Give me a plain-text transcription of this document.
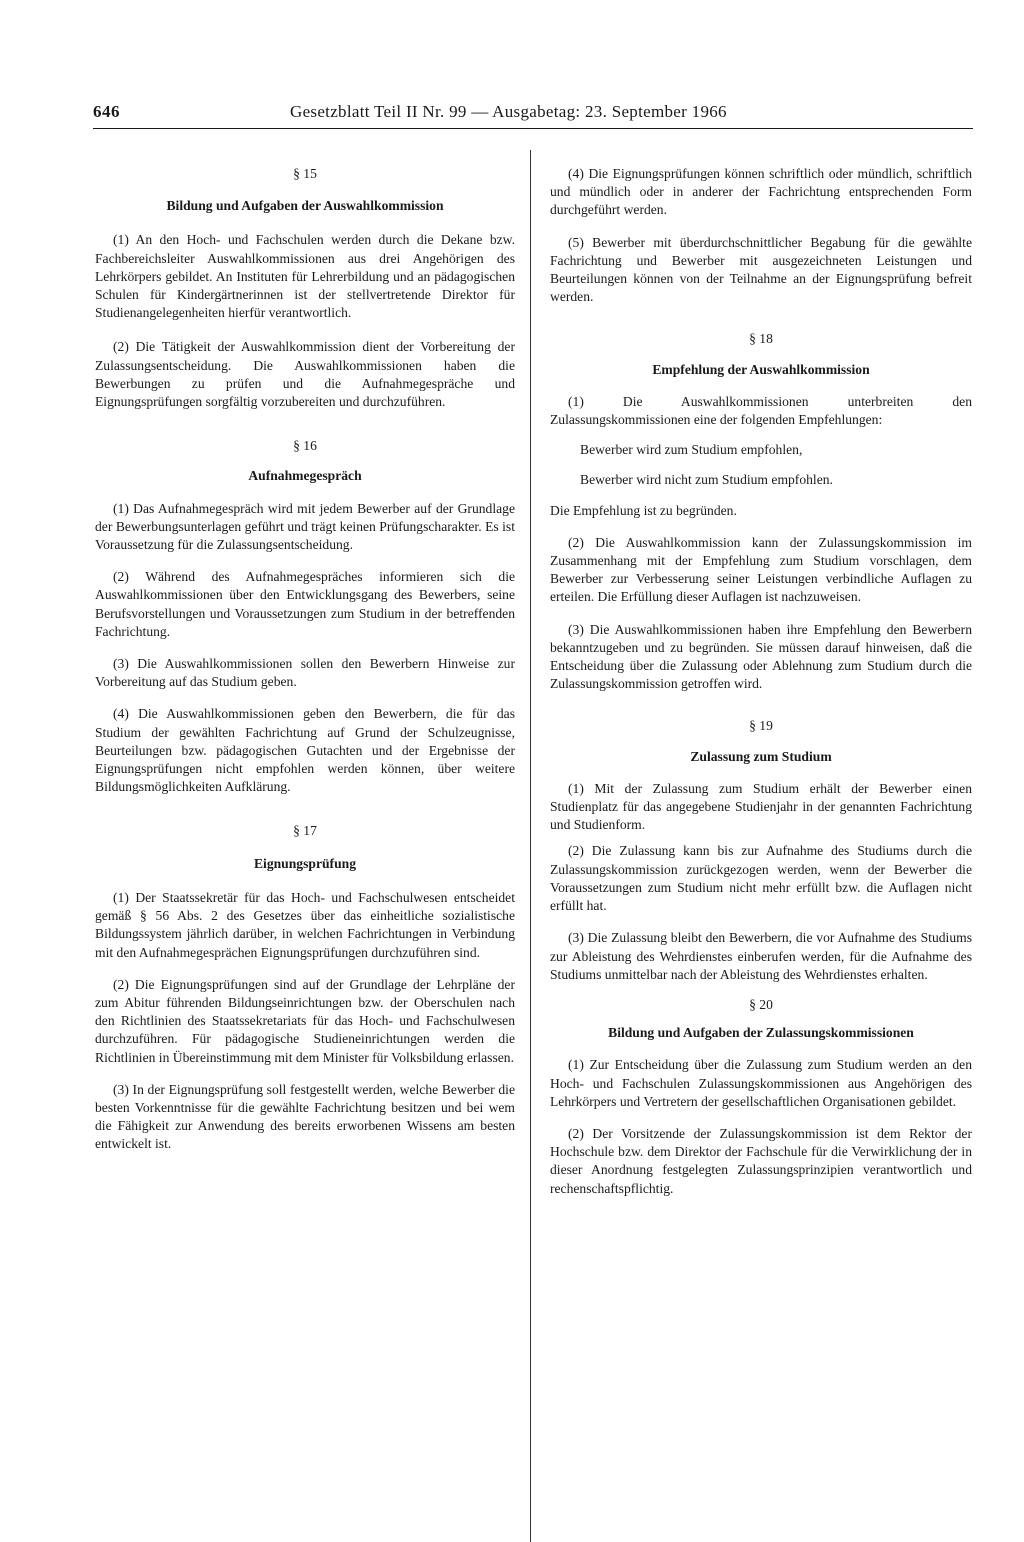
646	Gesetzblatt Teil II Nr. 99 — Ausgabetag: 23. September 1966
§ 15
Bildung und Aufgaben der Auswahlkommission

(1) An den Hoch- und Fachschulen werden durch die Dekane bzw. Fachbereichsleiter Auswahlkommissionen aus drei Angehörigen des Lehrkörpers gebildet. An Instituten für Lehrerbildung und an pädagogischen Schulen für Kindergärtnerinnen ist der stellvertretende Direktor für Studienangelegenheiten hierfür verantwortlich.

(2) Die Tätigkeit der Auswahlkommission dient der Vorbereitung der Zulassungsentscheidung. Die Auswahlkommissionen haben die Bewerbungen zu prüfen und die Aufnahmegespräche und Eignungsprüfungen sorgfältig vorzubereiten und durchzuführen.

§ 16
Aufnahmegespräch

(1) Das Aufnahmegespräch wird mit jedem Bewerber auf der Grundlage der Bewerbungsunterlagen geführt und trägt keinen Prüfungscharakter. Es ist Voraussetzung für die Zulassungsentscheidung.

(2) Während des Aufnahmegespräches informieren sich die Auswahlkommissionen über den Entwicklungsgang des Bewerbers, seine Berufsvorstellungen und Voraussetzungen zum Studium in der betreffenden Fachrichtung.

(3) Die Auswahlkommissionen sollen den Bewerbern Hinweise zur Vorbereitung auf das Studium geben.

(4) Die Auswahlkommissionen geben den Bewerbern, die für das Studium der gewählten Fachrichtung auf Grund der Schulzeugnisse, Beurteilungen bzw. pädagogischen Gutachten und der Ergebnisse der Eignungsprüfungen nicht empfohlen werden können, über weitere Bildungsmöglichkeiten Aufklärung.

§ 17
Eignungsprüfung

(1) Der Staatssekretär für das Hoch- und Fachschulwesen entscheidet gemäß § 56 Abs. 2 des Gesetzes über das einheitliche sozialistische Bildungssystem jährlich darüber, in welchen Fachrichtungen in Verbindung mit den Aufnahmegesprächen Eignungsprüfungen durchzuführen sind.

(2) Die Eignungsprüfungen sind auf der Grundlage der Lehrpläne der zum Abitur führenden Bildungseinrichtungen bzw. der Oberschulen nach den Richtlinien des Staatssekretariats für das Hoch- und Fachschulwesen durchzuführen. Für pädagogische Studieneinrichtungen werden die Richtlinien in Übereinstimmung mit dem Minister für Volksbildung erlassen.

(3) In der Eignungsprüfung soll festgestellt werden, welche Bewerber die besten Vorkenntnisse für die gewählte Fachrichtung besitzen und bei wem die Fähigkeit zur Anwendung des bereits erworbenen Wissens am besten entwickelt ist.

(4) Die Eignungsprüfungen können schriftlich oder mündlich, schriftlich und mündlich oder in anderer der Fachrichtung entsprechenden Form durchgeführt werden.

(5) Bewerber mit überdurchschnittlicher Begabung für die gewählte Fachrichtung und Bewerber mit ausgezeichneten Leistungen und Beurteilungen können von der Teilnahme an der Eignungsprüfung befreit werden.

§ 18
Empfehlung der Auswahlkommission

(1) Die Auswahlkommissionen unterbreiten den Zulassungskommissionen eine der folgenden Empfehlungen:

Bewerber wird zum Studium empfohlen,

Bewerber wird nicht zum Studium empfohlen.

Die Empfehlung ist zu begründen.

(2) Die Auswahlkommission kann der Zulassungskommission im Zusammenhang mit der Empfehlung zum Studium vorschlagen, dem Bewerber zur Verbesserung seiner Leistungen verbindliche Auflagen zu erteilen. Die Erfüllung dieser Auflagen ist nachzuweisen.

(3) Die Auswahlkommissionen haben ihre Empfehlung den Bewerbern bekanntzugeben und zu begründen. Sie müssen darauf hinweisen, daß die Entscheidung über die Zulassung oder Ablehnung zum Studium durch die Zulassungskommission getroffen wird.

§ 19
Zulassung zum Studium

(1) Mit der Zulassung zum Studium erhält der Bewerber einen Studienplatz für das angegebene Studienjahr in der genannten Fachrichtung und Studienform.

(2) Die Zulassung kann bis zur Aufnahme des Studiums durch die Zulassungskommission zurückgezogen werden, wenn der Bewerber die Voraussetzungen zum Studium nicht mehr erfüllt bzw. die Auflagen nicht erfüllt hat.

(3) Die Zulassung bleibt den Bewerbern, die vor Aufnahme des Studiums zur Ableistung des Wehrdienstes einberufen werden, für die Aufnahme des Studiums unmittelbar nach der Ableistung des Wehrdienstes erhalten.

§ 20
Bildung und Aufgaben der Zulassungskommissionen

(1) Zur Entscheidung über die Zulassung zum Studium werden an den Hoch- und Fachschulen Zulassungskommissionen aus Angehörigen des Lehrkörpers und Vertretern der gesellschaftlichen Organisationen gebildet.

(2) Der Vorsitzende der Zulassungskommission ist dem Rektor der Hochschule bzw. dem Direktor der Fachschule für die Verwirklichung der in dieser Anordnung festgelegten Zulassungsprinzipien verantwortlich und rechenschaftspflichtig.
